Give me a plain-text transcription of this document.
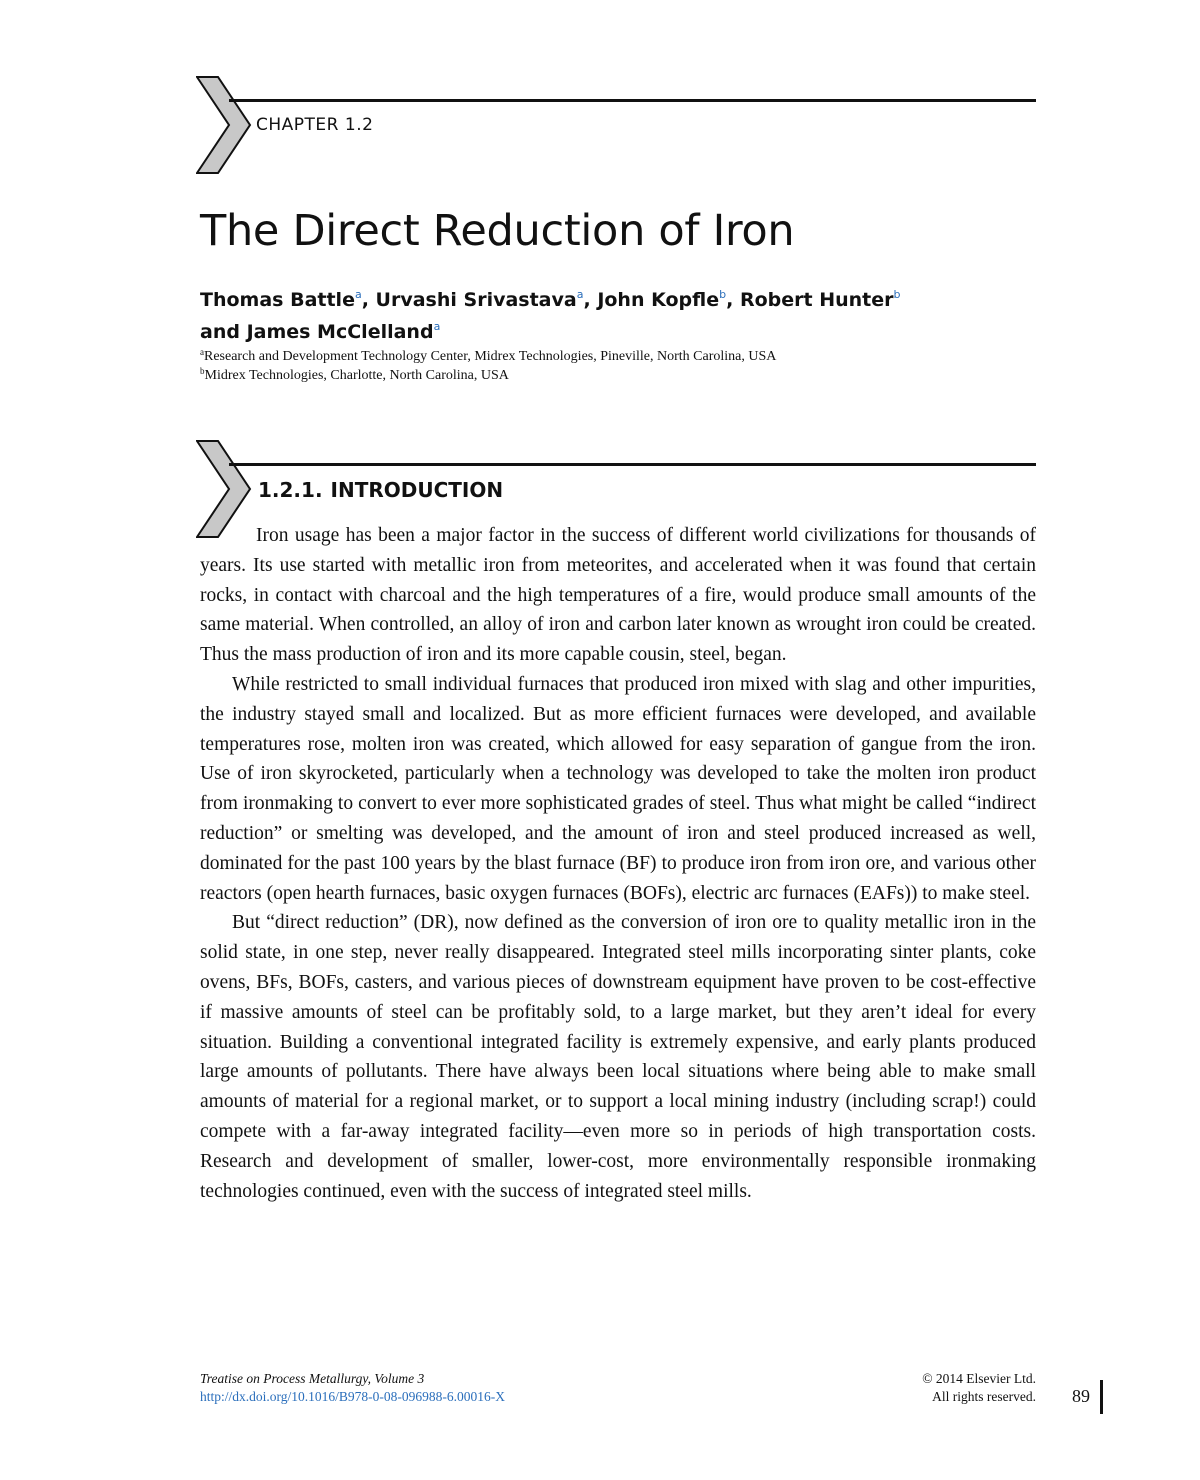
CHAPTER 1.2
The Direct Reduction of Iron
Thomas Battle$^a$, Urvashi Srivastava$^a$, John Kopfle$^b$, Robert Hunter$^b$
and James McClelland$^a$
$^a$Research and Development Technology Center, Midrex Technologies, Pineville, North Carolina, USA
$^b$Midrex Technologies, Charlotte, North Carolina, USA
1.2.1. INTRODUCTION

Iron usage has been a major factor in the success of different world civilizations for thousands of years. Its use started with metallic iron from meteorites, and accelerated when it was found that certain rocks, in contact with charcoal and the high temperatures of a fire, would produce small amounts of the same material. When controlled, an alloy of iron and carbon later known as wrought iron could be created. Thus the mass production of iron and its more capable cousin, steel, began.

While restricted to small individual furnaces that produced iron mixed with slag and other impurities, the industry stayed small and localized. But as more efficient furnaces were developed, and available temperatures rose, molten iron was created, which allowed for easy separation of gangue from the iron. Use of iron skyrocketed, particularly when a technology was developed to take the molten iron product from ironmaking to convert to ever more sophisticated grades of steel. Thus what might be called “indirect reduction” or smelting was developed, and the amount of iron and steel produced increased as well, dominated for the past 100 years by the blast furnace (BF) to produce iron from iron ore, and various other reactors (open hearth furnaces, basic oxygen furnaces (BOFs), electric arc furnaces (EAFs)) to make steel.

But “direct reduction” (DR), now defined as the conversion of iron ore to quality metallic iron in the solid state, in one step, never really disappeared. Integrated steel mills incorporating sinter plants, coke ovens, BFs, BOFs, casters, and various pieces of downstream equipment have proven to be cost-effective if massive amounts of steel can be profitably sold, to a large market, but they aren’t ideal for every situation. Building a conventional integrated facility is extremely expensive, and early plants produced large amounts of pollutants. There have always been local situations where being able to make small amounts of material for a regional market, or to support a local mining industry (including scrap!) could compete with a far-away integrated facility—even more so in periods of high transportation costs. Research and development of smaller, lower-cost, more environmentally responsible ironmaking technologies continued, even with the success of integrated steel mills.

Treatise on Process Metallurgy, Volume 3
http://dx.doi.org/10.1016/B978-0-08-096988-6.00016-X
© 2014 Elsevier Ltd.
All rights reserved. 89
